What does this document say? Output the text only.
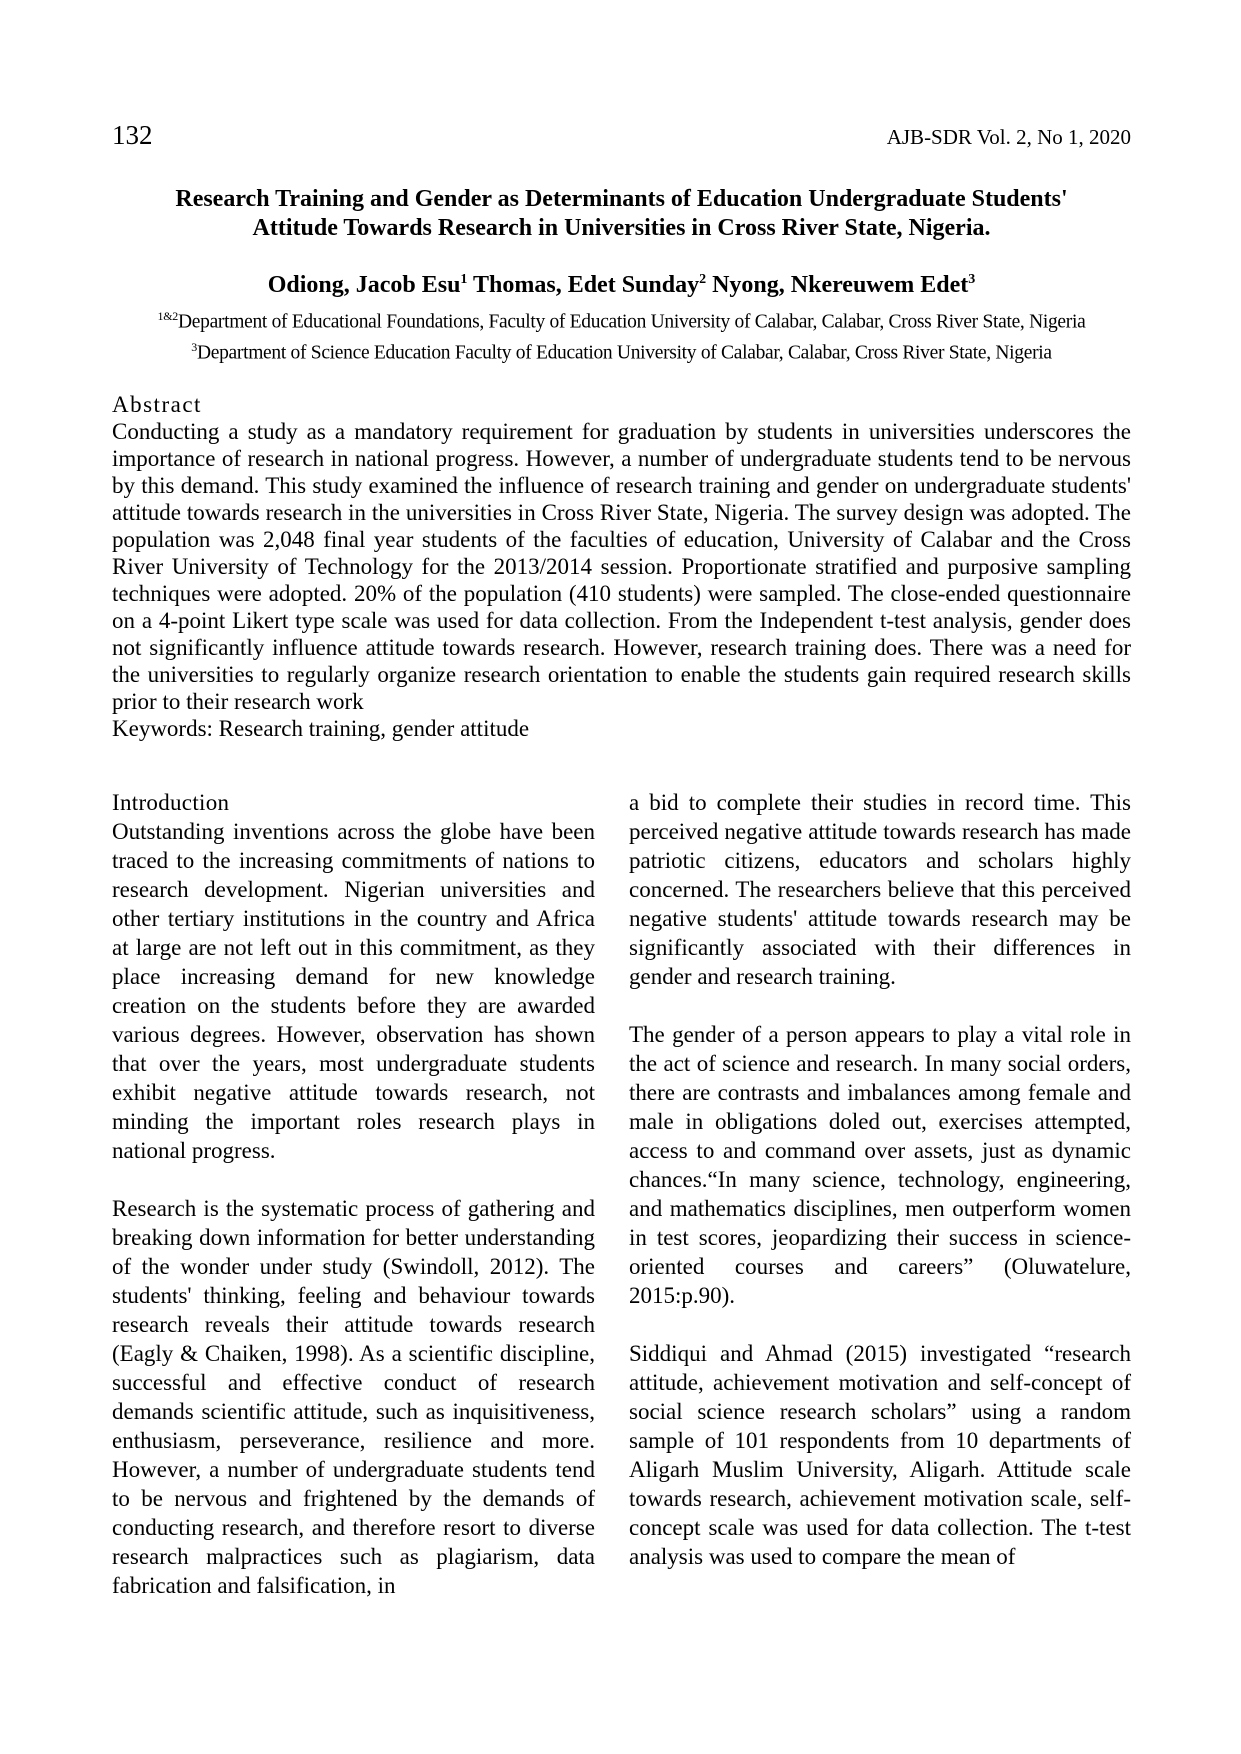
132	AJB-SDR Vol. 2, No 1, 2020
Research Training and Gender as Determinants of Education Undergraduate Students'
Attitude Towards Research in Universities in Cross River State, Nigeria.
Odiong, Jacob Esu$^1$ Thomas, Edet Sunday$^2$ Nyong, Nkereuwem Edet$^3$
$^{1\&2}$Department of Educational Foundations, Faculty of Education University of Calabar, Calabar, Cross River State, Nigeria
$^3$Department of Science Education Faculty of Education University of Calabar, Calabar, Cross River State, Nigeria
Abstract

Conducting a study as a mandatory requirement for graduation by students in universities underscores the importance of research in national progress. However, a number of undergraduate students tend to be nervous by this demand. This study examined the influence of research training and gender on undergraduate students' attitude towards research in the universities in Cross River State, Nigeria. The survey design was adopted. The population was 2,048 final year students of the faculties of education, University of Calabar and the Cross River University of Technology for the 2013/2014 session. Proportionate stratified and purposive sampling techniques were adopted. 20% of the population (410 students) were sampled. The close-ended questionnaire on a 4-point Likert type scale was used for data collection. From the Independent t-test analysis, gender does not significantly influence attitude towards research. However, research training does. There was a need for the universities to regularly organize research orientation to enable the students gain required research skills prior to their research work

Keywords: Research training, gender attitude

Introduction

Outstanding inventions across the globe have been traced to the increasing commitments of nations to research development. Nigerian universities and other tertiary institutions in the country and Africa at large are not left out in this commitment, as they place increasing demand for new knowledge creation on the students before they are awarded various degrees. However, observation has shown that over the years, most undergraduate students exhibit negative attitude towards research, not minding the important roles research plays in national progress.

Research is the systematic process of gathering and breaking down information for better understanding of the wonder under study (Swindoll, 2012). The students' thinking, feeling and behaviour towards research reveals their attitude towards research (Eagly & Chaiken, 1998). As a scientific discipline, successful and effective conduct of research demands scientific attitude, such as inquisitiveness, enthusiasm, perseverance, resilience and more. However, a number of undergraduate students tend to be nervous and frightened by the demands of conducting research, and therefore resort to diverse research malpractices such as plagiarism, data fabrication and falsification, in

a bid to complete their studies in record time. This perceived negative attitude towards research has made patriotic citizens, educators and scholars highly concerned. The researchers believe that this perceived negative students' attitude towards research may be significantly associated with their differences in gender and research training.

The gender of a person appears to play a vital role in the act of science and research. In many social orders, there are contrasts and imbalances among female and male in obligations doled out, exercises attempted, access to and command over assets, just as dynamic chances.“In many science, technology, engineering, and mathematics disciplines, men outperform women in test scores, jeopardizing their success in science-oriented courses and careers” (Oluwatelure, 2015:p.90).

Siddiqui and Ahmad (2015) investigated “research attitude, achievement motivation and self-concept of social science research scholars” using a random sample of 101 respondents from 10 departments of Aligarh Muslim University, Aligarh. Attitude scale towards research, achievement motivation scale, self-concept scale was used for data collection. The t-test analysis was used to compare the mean of
